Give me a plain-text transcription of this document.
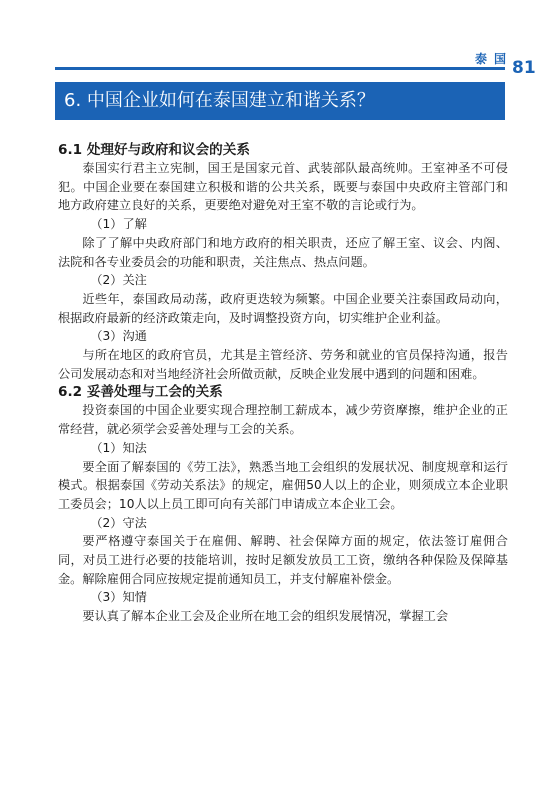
泰国
81
6. 中国企业如何在泰国建立和谐关系？
6.1 处理好与政府和议会的关系

泰国实行君主立宪制，国王是国家元首、武装部队最高统帅。王室神圣不可侵犯。中国企业要在泰国建立积极和谐的公共关系，既要与泰国中央政府主管部门和地方政府建立良好的关系，更要绝对避免对王室不敬的言论或行为。

（1）了解

除了了解中央政府部门和地方政府的相关职责，还应了解王室、议会、内阁、法院和各专业委员会的功能和职责，关注焦点、热点问题。

（2）关注

近些年，泰国政局动荡，政府更迭较为频繁。中国企业要关注泰国政局动向，根据政府最新的经济政策走向，及时调整投资方向，切实维护企业利益。

（3）沟通

与所在地区的政府官员，尤其是主管经济、劳务和就业的官员保持沟通，报告公司发展动态和对当地经济社会所做贡献，反映企业发展中遇到的问题和困难。

6.2 妥善处理与工会的关系

投资泰国的中国企业要实现合理控制工薪成本，减少劳资摩擦，维护企业的正常经营，就必须学会妥善处理与工会的关系。

（1）知法

要全面了解泰国的《劳工法》，熟悉当地工会组织的发展状况、制度规章和运行模式。根据泰国《劳动关系法》的规定，雇佣50人以上的企业，则须成立本企业职工委员会；10人以上员工即可向有关部门申请成立本企业工会。

（2）守法

要严格遵守泰国关于在雇佣、解聘、社会保障方面的规定，依法签订雇佣合同，对员工进行必要的技能培训，按时足额发放员工工资，缴纳各种保险及保障基金。解除雇佣合同应按规定提前通知员工，并支付解雇补偿金。

（3）知情

要认真了解本企业工会及企业所在地工会的组织发展情况，掌握工会
